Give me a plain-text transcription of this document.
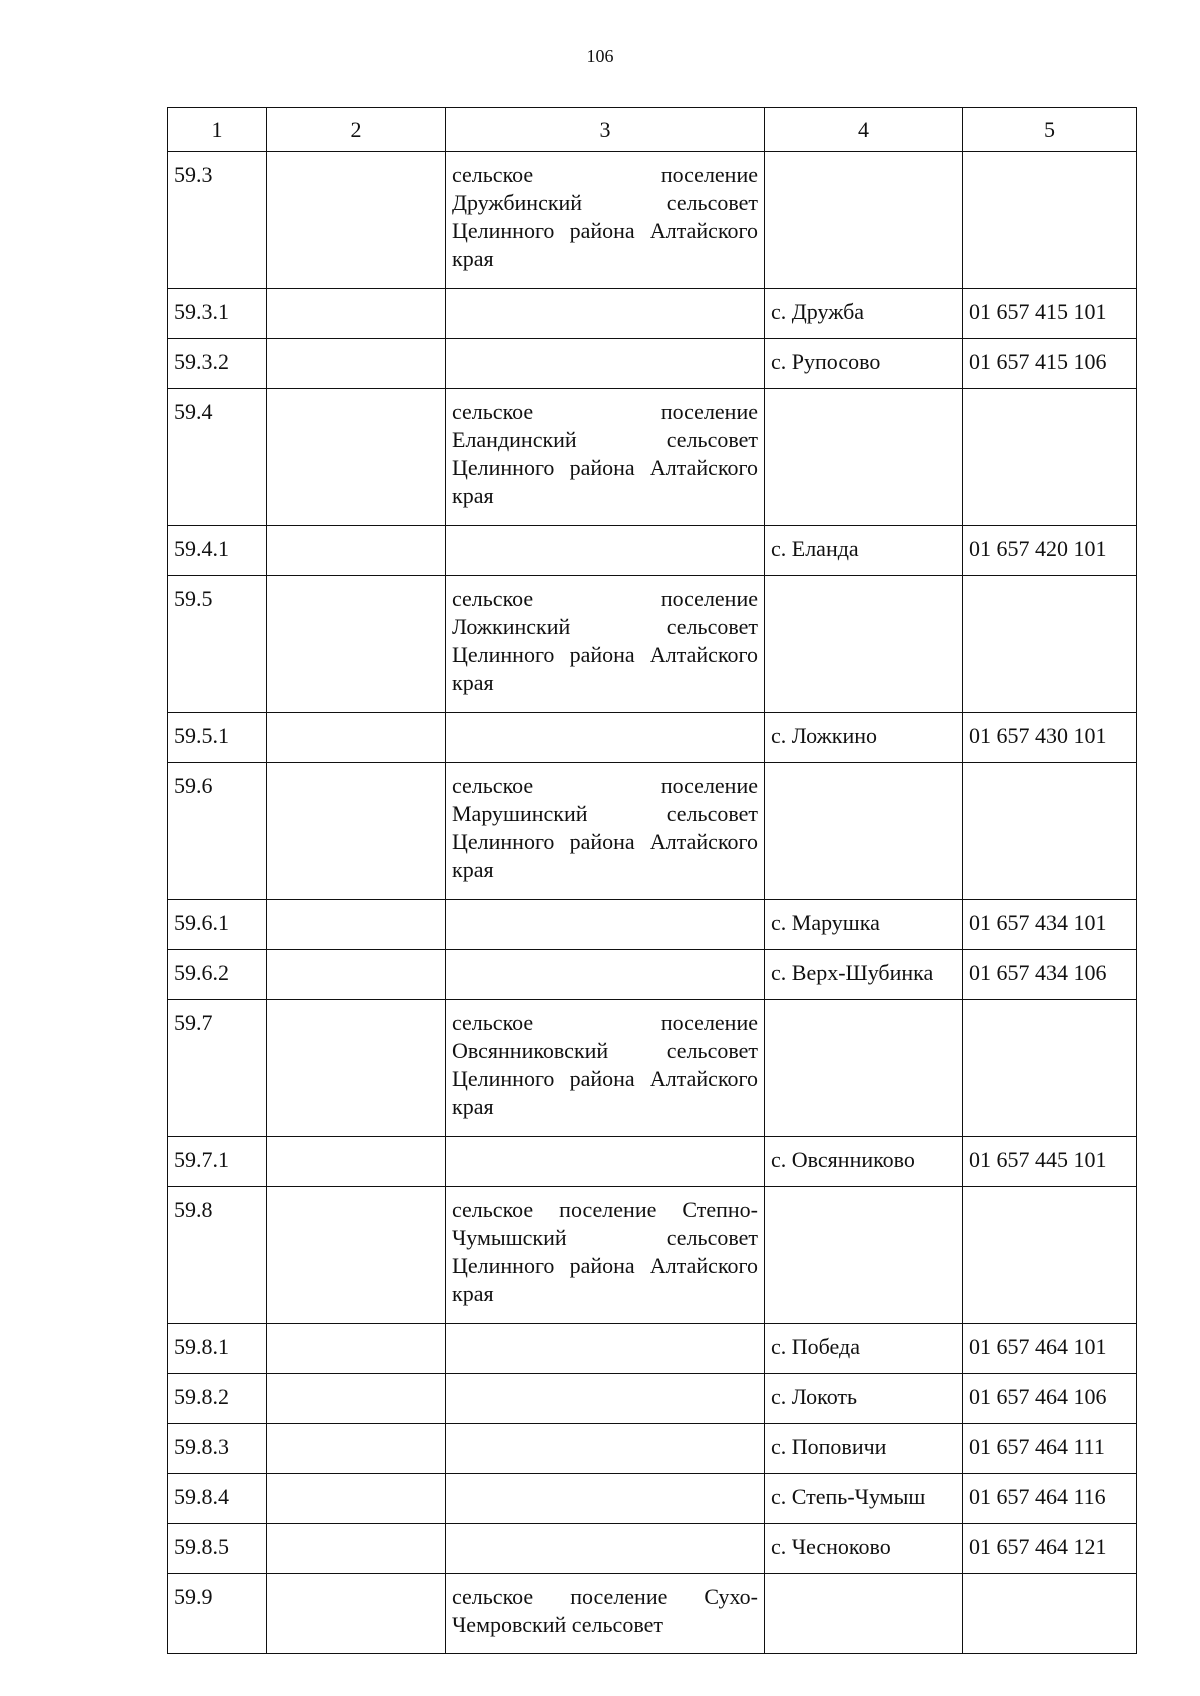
106
1	2	3	4	5
59.3		сельское поселение Дружбинский сельсовет Целинного района Алтайского края		
59.3.1			с. Дружба	01 657 415 101
59.3.2			с. Рупосово	01 657 415 106
59.4		сельское поселение Еландинский сельсовет Целинного района Алтайского края		
59.4.1			с. Еланда	01 657 420 101
59.5		сельское поселение Ложкинский сельсовет Целинного района Алтайского края		
59.5.1			с. Ложкино	01 657 430 101
59.6		сельское поселение Марушинский сельсовет Целинного района Алтайского края		
59.6.1			с. Марушка	01 657 434 101
59.6.2			с. Верх-Шубинка	01 657 434 106
59.7		сельское поселение Овсянниковский сельсовет Целинного района Алтайского края		
59.7.1			с. Овсянниково	01 657 445 101
59.8		сельское поселение Степно-Чумышский сельсовет Целинного района Алтайского края		
59.8.1			с. Победа	01 657 464 101
59.8.2			с. Локоть	01 657 464 106
59.8.3			с. Поповичи	01 657 464 111
59.8.4			с. Степь-Чумыш	01 657 464 116
59.8.5			с. Чесноково	01 657 464 121
59.9		сельское поселение Сухо-Чемровский сельсовет		
